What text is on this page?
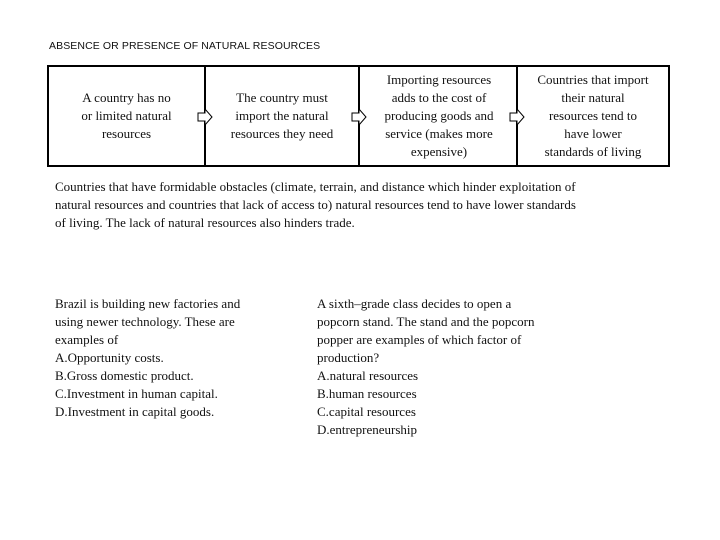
ABSENCE OR PRESENCE OF NATURAL RESOURCES
A country has no
or limited natural
resources
The country must
import the natural
resources they need
Importing resources
adds to the cost of
producing goods and
service (makes more
expensive)
Countries that import
their natural
resources tend to
have lower
standards of living

Countries that have formidable obstacles (climate, terrain, and distance which hinder exploitation of natural resources and countries that lack of access to) natural resources tend to have lower standards of living. The lack of natural resources also hinders trade.

Brazil is building new factories and
using newer technology. These are
examples of
A.Opportunity costs.
B.Gross domestic product.
C.Investment in human capital.
D.Investment in capital goods.
A sixth–grade class decides to open a
popcorn stand. The stand and the popcorn
popper are examples of which factor of
production?
A.natural resources
B.human resources
C.capital resources
D.entrepreneurship
